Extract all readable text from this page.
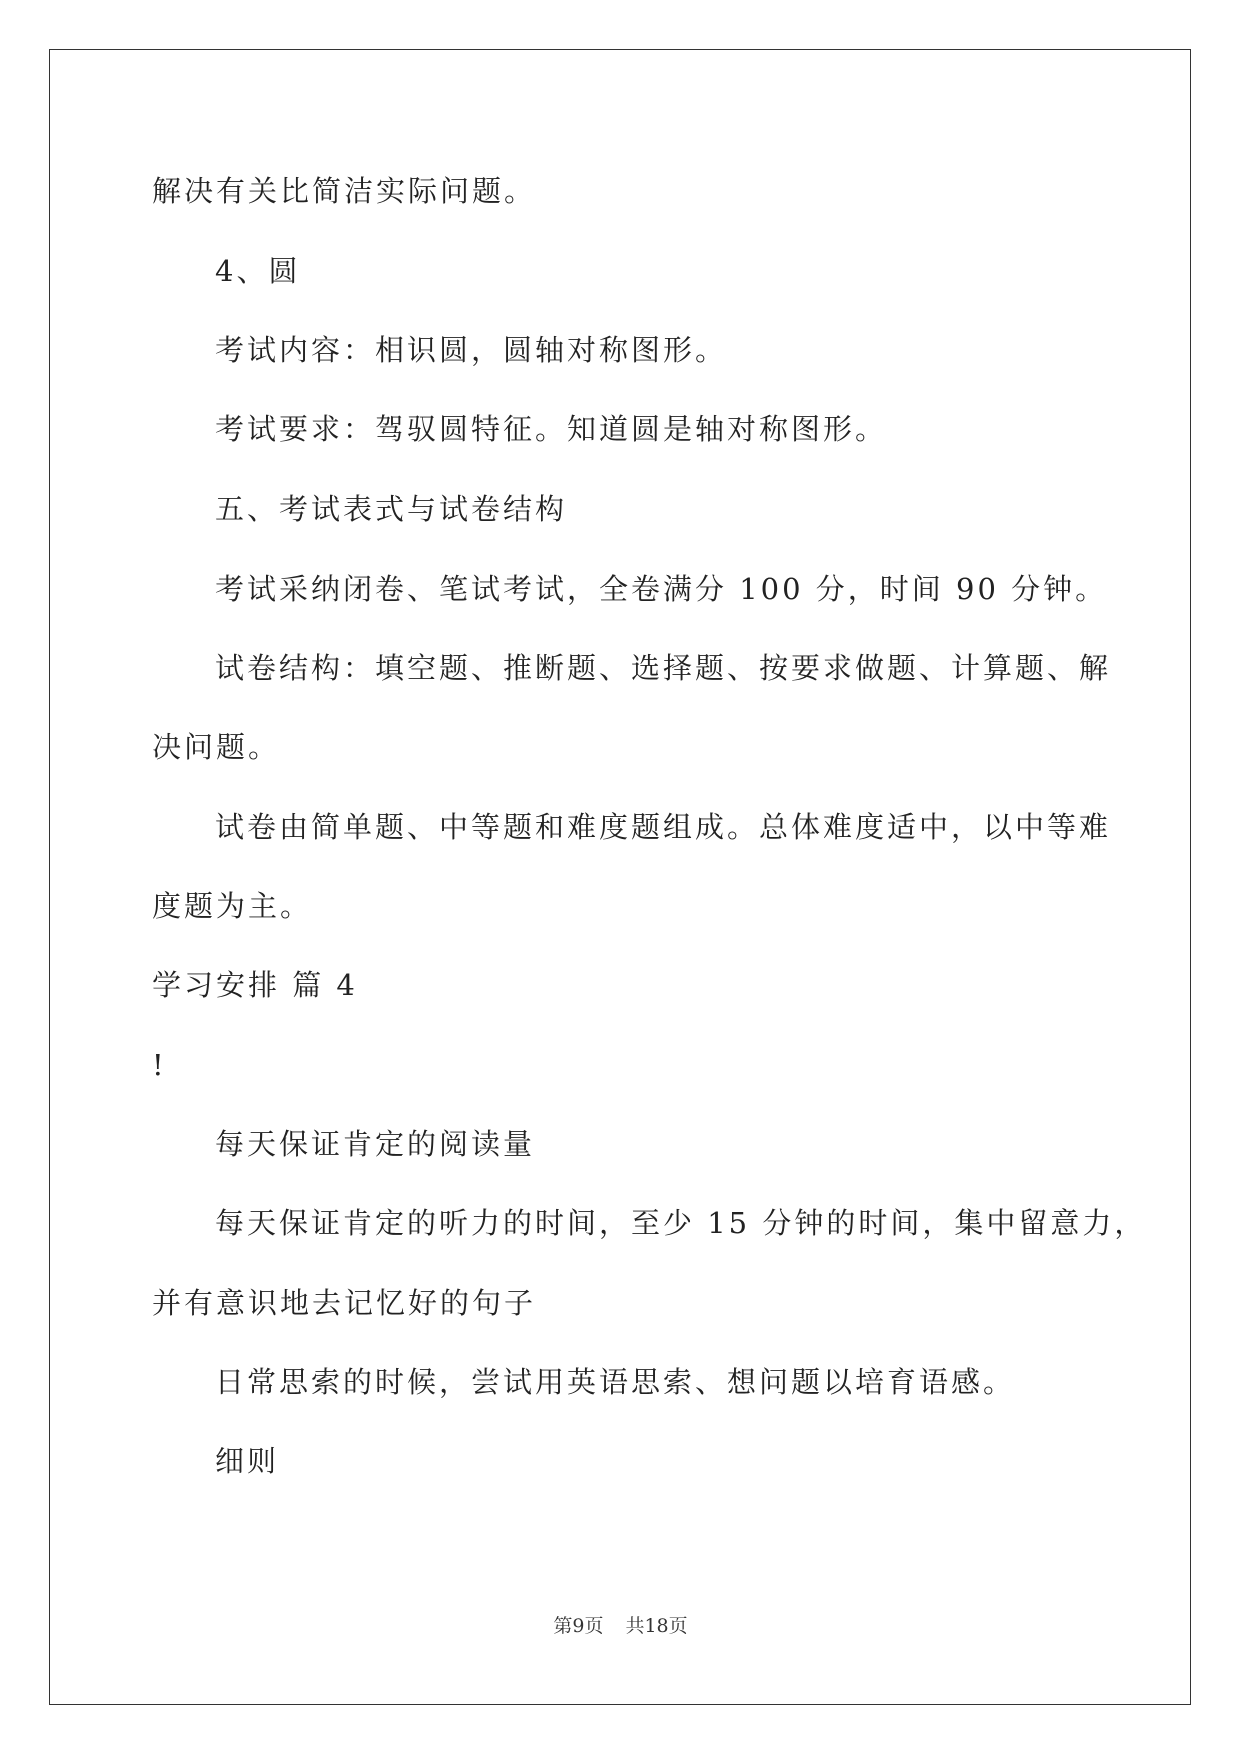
解决有关比简洁实际问题。
4、圆
考试内容：相识圆，圆轴对称图形。
考试要求：驾驭圆特征。知道圆是轴对称图形。
五、考试表式与试卷结构
考试采纳闭卷、笔试考试，全卷满分 100 分，时间 90 分钟。
试卷结构：填空题、推断题、选择题、按要求做题、计算题、解
决问题。
试卷由简单题、中等题和难度题组成。总体难度适中，以中等难
度题为主。
学习安排 篇 4
!
每天保证肯定的阅读量
每天保证肯定的听力的时间，至少 15 分钟的时间，集中留意力，
并有意识地去记忆好的句子
日常思索的时候，尝试用英语思索、想问题以培育语感。
细则
第9页 共18页
